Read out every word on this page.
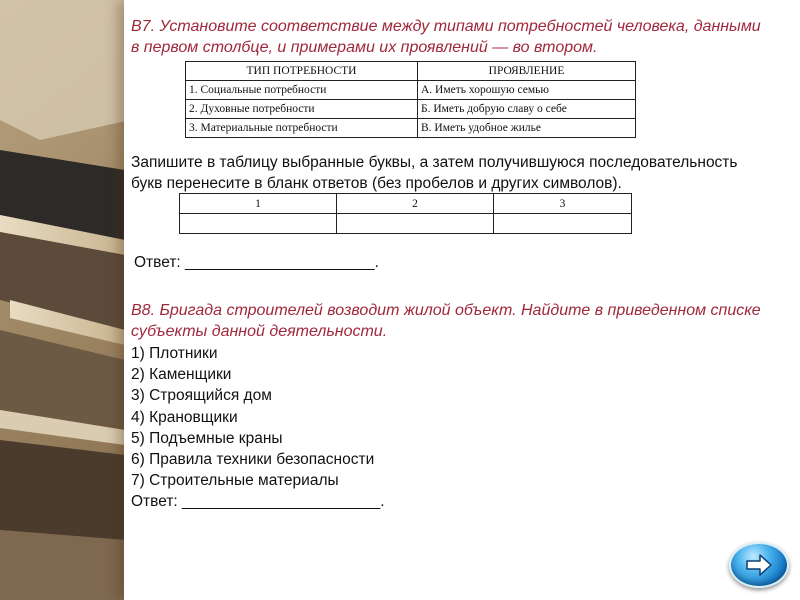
В7. Установите соответствие между типами потребностей человека, данными в первом столбце, и примерами их проявлений — во втором.
ТИП ПОТРЕБНОСТИ	ПРОЯВЛЕНИЕ
1. Социальные потребности	А. Иметь хорошую семью
2. Духовные потребности	Б. Иметь добрую славу о себе
3. Материальные потребности	В. Иметь удобное жилье
Запишите в таблицу выбранные буквы, а затем получившуюся последовательность букв перенесите в бланк ответов (без пробелов и других символов).
1	2	3

Ответ: ______________________.
В8. Бригада строителей возводит жилой объект. Найдите в приведенном списке субъекты данной деятельности.
1) Плотники
2) Каменщики
3) Строящийся дом
4) Крановщики
5) Подъемные краны
6) Правила техники безопасности
7) Строительные материалы
Ответ: _______________________.
